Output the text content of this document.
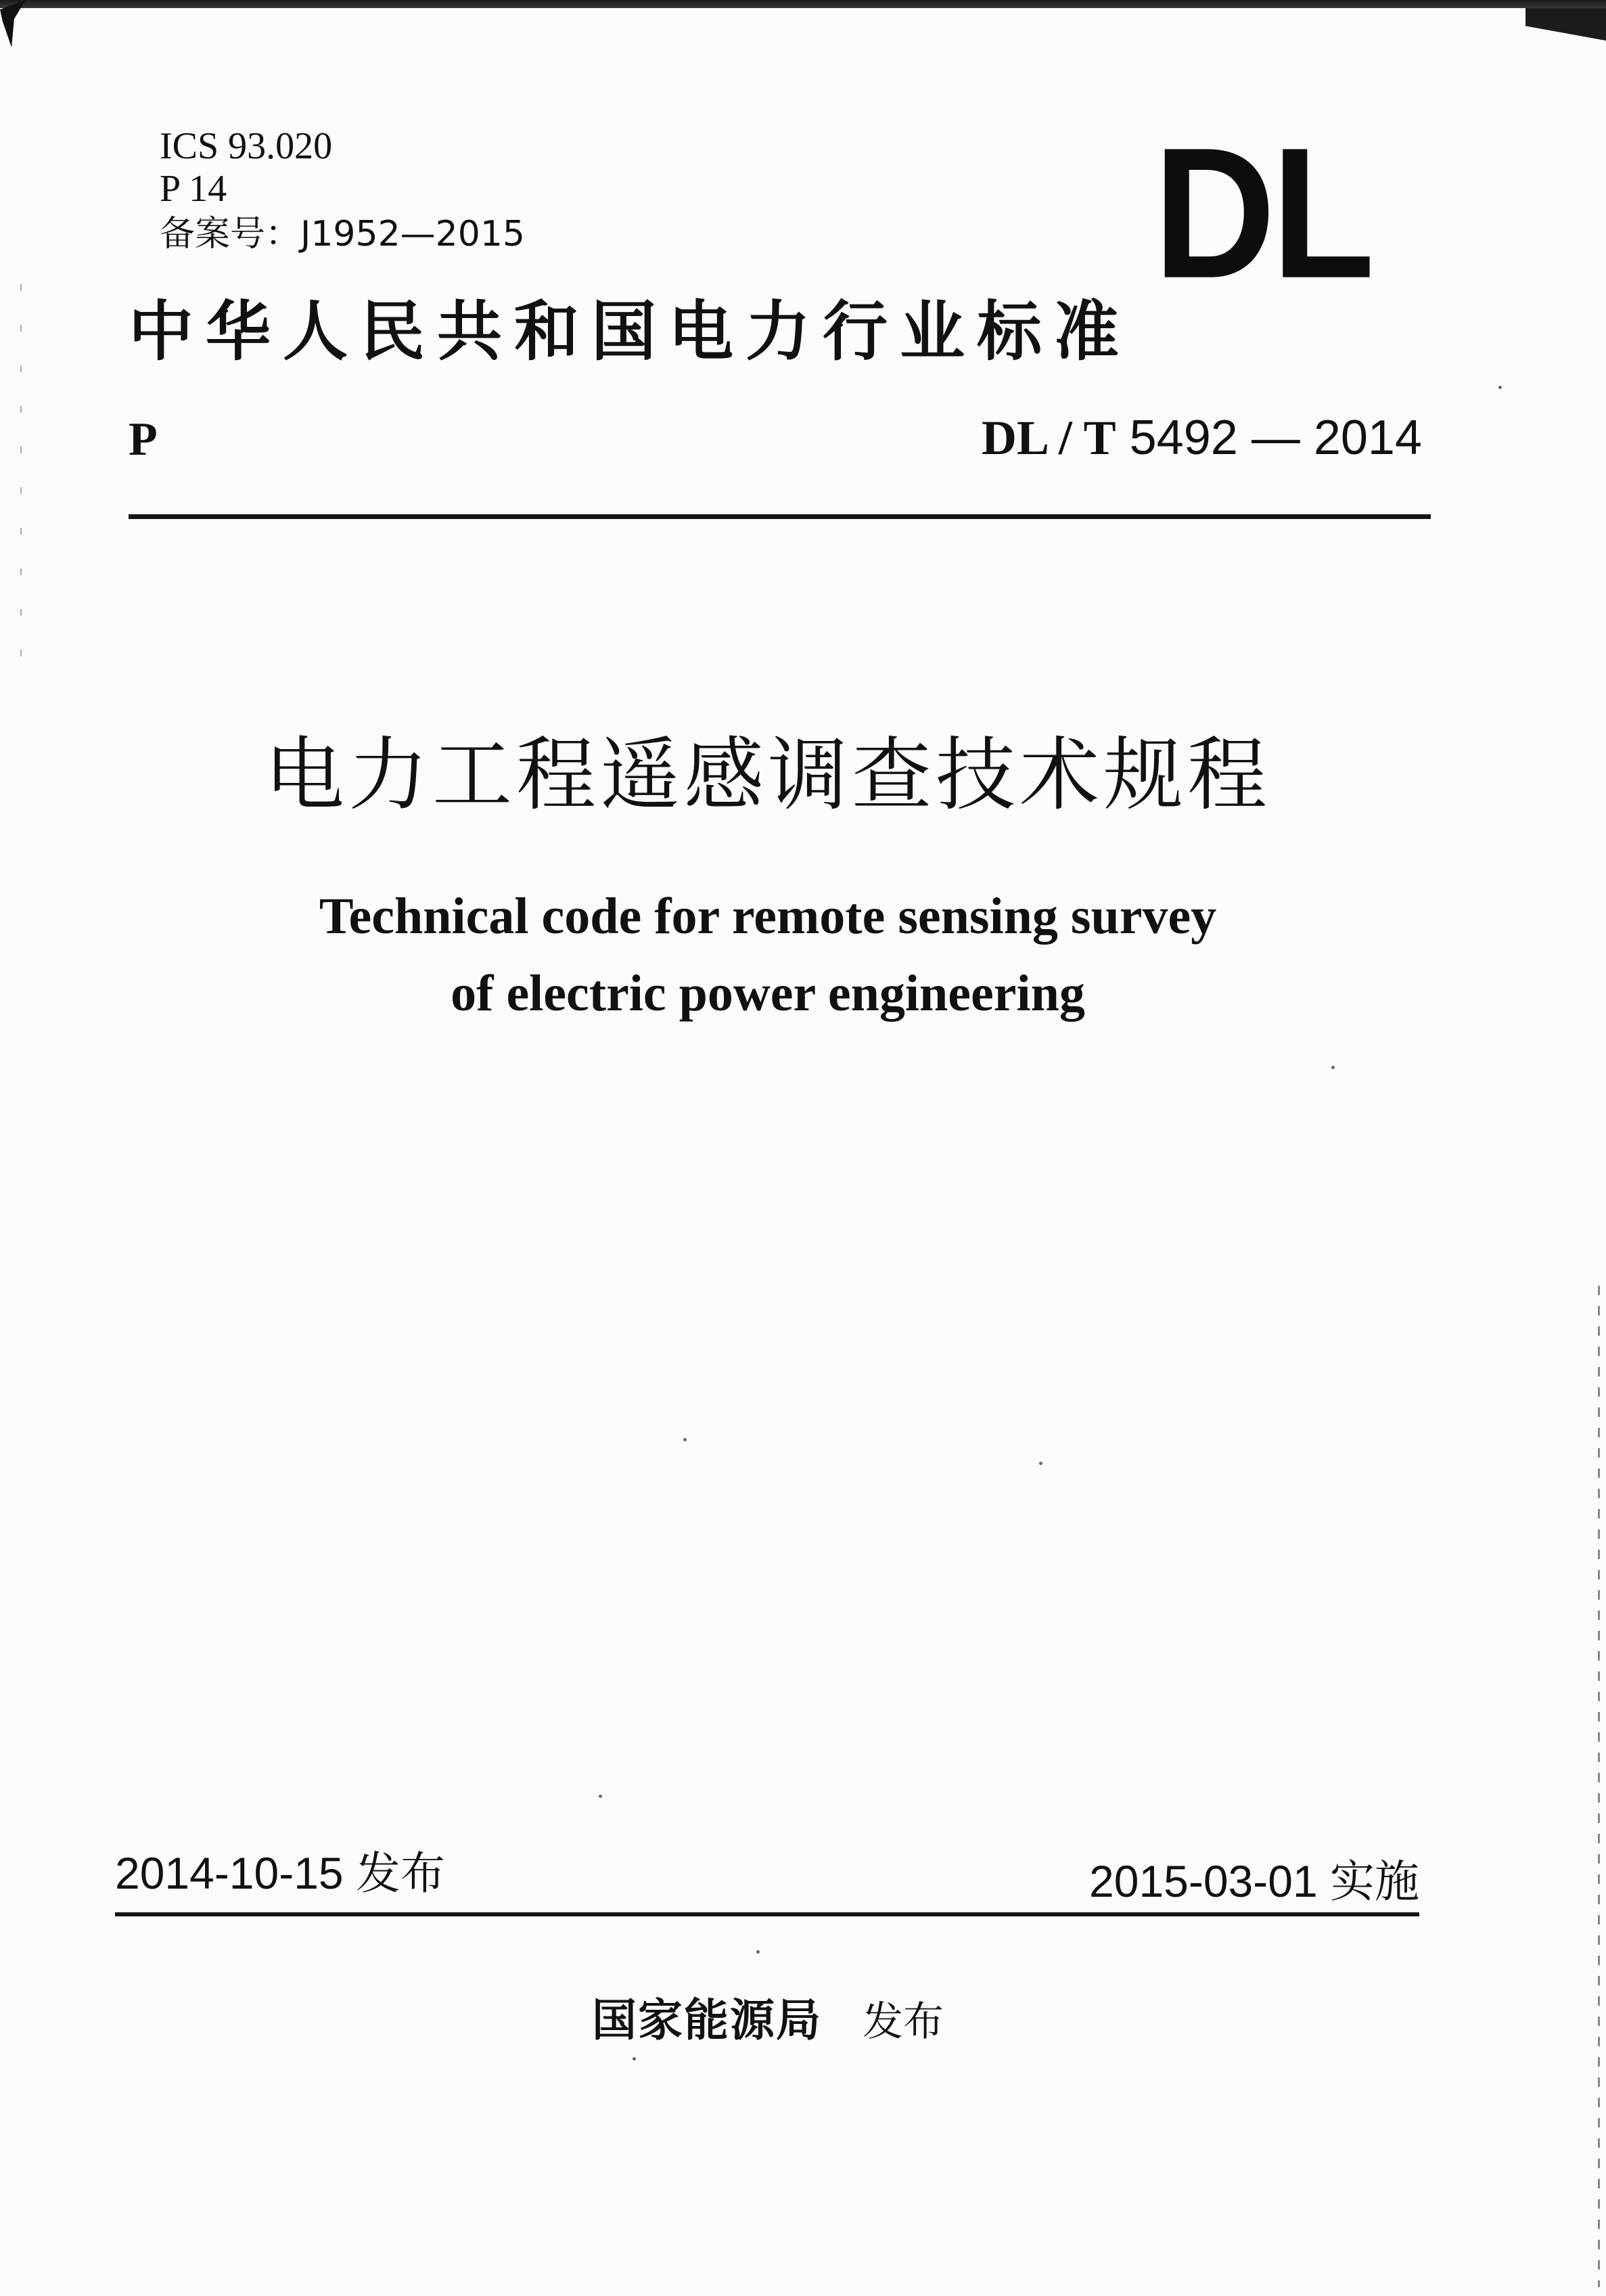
ICS 93.020
P 14
备案号：J1952—2015	DL
中华人民共和国电力行业标准
P	DL / T 5492 — 2014
电力工程遥感调查技术规程
Technical code for remote sensing survey
of electric power engineering
2014-10-15 发布	2015-03-01 实施
国家能源局 发布
